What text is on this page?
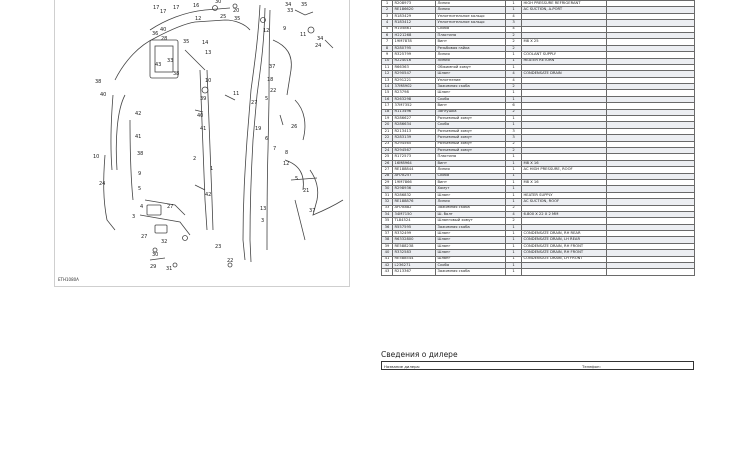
17
17
17	16
30
20
25 35
12
40
36
28	35
33
43
38
14
13
10
39
40
41
2
42
42
41
38
38
40
10
24
9
5
4
3
27
27
32
30
29 31
22
23
1
11
34
33
35
12	9
11
24
34
37
18
22
5
19
6
7
8
27
12
5
21
37
13
3
26
ETH1080A
1	R208973	Линия	1	HIGH PRESSURE REFRIGERANT	
2	RE186620	Линия	1	AC SUCTION, A-PORT	
3	R183429	Уплотнительное кольцо	4		
4	R183412	Уплотнительное кольцо	3		
5	H105861	Скоба	4		
6	H221268	Пластина	2		
7	19M7878	Винт	2	M8 X 25	
8	R280795	Резьбовая гайка	2		
9	R325799	Линия	1	COOLANT SUPPLY	
10	R224016	Линия	1	HEATER RETURN	
11	R66363	Обжимной хомут	1		
12	R290547	Шланг	4	CONDENSATE DRAIN	
13	R291221	Уплотнение	4		
14	37M8902	Зажимная скоба	2		
15	R23798	Шланг	1		
16	R263298	Скоба	1		
17	37M7352	Винт	6		
18	R113496	Заглушка	2		
19	R286627	Разъемный хомут	1		
20	R286634	Скоба	1		
21	R213413	Разъемный хомут	3		
22	R283139	Разъемный хомут	3		
23	R294565	Разъемный хомут	2		
24	R294567	Разъемный хомут	2		
25	R172573	Пластина	1		
26	16M8964	Винт	1	M8 X 16	
27	RE188844	Линия	1	AC HIGH PRESSURE, ROOF	
28	AH78257	Скоба	1		
29	19M7866	Винт	1	M8 X 16	
30	R298936	Хомут	1		
31	R286832	Шланг	1	HEATER SUPPLY	
32	RE188876	Линия	1	AC SUCTION, ROOF	
33	AH78882	Зажимная скоба	2		
34	34M7150	Ш. болт	4	6.800 X 22 X 2 MM	
35	TL84524	Шланговый хомут	2		
36	R557595	Зажимная скоба	1		
37	R332499	Шланг	1	CONDENSATE DRAIN, RH REAR	
38	R6332800	Шланг	1	CONDENSATE DRAIN, LH REAR	
39	RE588238	Шланг	1	CONDENSATE DRAIN, RH FRONT	
40	R332583	Шланг	1	CONDENSATE DRAIN, RH FRONT	
41	RE588544	Шланг	1	CONDENSATE DRAIN, LH FRONT	
42	L236271	Скоба	1		
43	R213367	Зажимная скоба	1		
Сведения о дилере
Название дилера:	Телефон:
